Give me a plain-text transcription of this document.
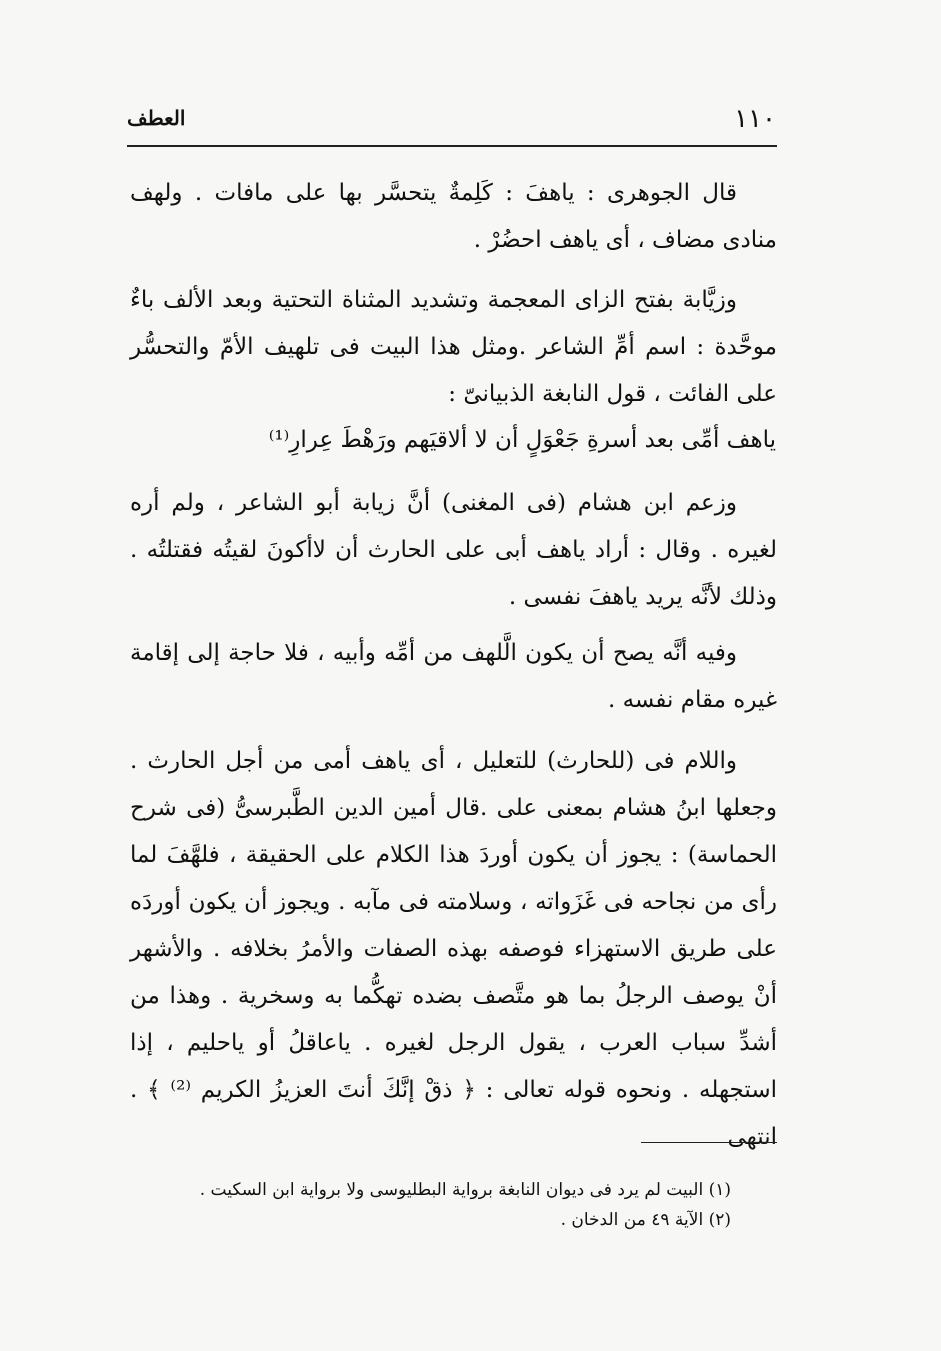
١١٠
العطف

قال الجوهرى : ياهفَ : كَلِمةٌ يتحسَّر بها على مافات . ولهف منادى مضاف ، أى ياهف احضُرْ .

وزيَّابة بفتح الزاى المعجمة وتشديد المثناة التحتية وبعد الألف باءٌ موحَّدة : اسم أمِّ الشاعر .ومثل هذا البيت فى تلهيف الأمّ والتحسُّر على الفائت ، قول النابغة الذبيانىّ :

ياهف أمِّى بعد أسرةِ جَعْوَلٍ أن لا ألاقيَهم ورَهْطَ عِرارِ⁽¹⁾

وزعم ابن هشام (فى المغنى) أنَّ زيابة أبو الشاعر ، ولم أره لغيره . وقال : أراد ياهف أبى على الحارث أن لاأكونَ لقيتُه فقتلتُه . وذلك لأنَّه يريد ياهفَ نفسى .

وفيه أنَّه يصح أن يكون الَّلهف من أمِّه وأبيه ، فلا حاجة إلى إقامة غيره مقام نفسه .

واللام فى (للحارث) للتعليل ، أى ياهف أمى من أجل الحارث . وجعلها ابنُ هشام بمعنى على .قال أمين الدين الطَّبرسىُّ (فى شرح الحماسة) : يجوز أن يكون أوردَ هذا الكلام على الحقيقة ، فلهَّفَ لما رأى من نجاحه فى غَزَواته ، وسلامته فى مآبه . ويجوز أن يكون أوردَه على طريق الاستهزاء فوصفه بهذه الصفات والأمرُ بخلافه . والأشهر أنْ يوصف الرجلُ بما هو متَّصف بضده تهكُّما به وسخرية . وهذا من أشدِّ سباب العرب ، يقول الرجل لغيره . ياعاقلُ أو ياحليم ، إذا استجهله . ونحوه قوله تعالى : ﴿ ذقْ إنَّكَ أنتَ العزيزُ الكريم ⁽²⁾ ﴾ . انتهى

(١) البيت لم يرد فى ديوان النابغة برواية البطليوسى ولا برواية ابن السكيت .
(٢) الآية ٤٩ من الدخان .
